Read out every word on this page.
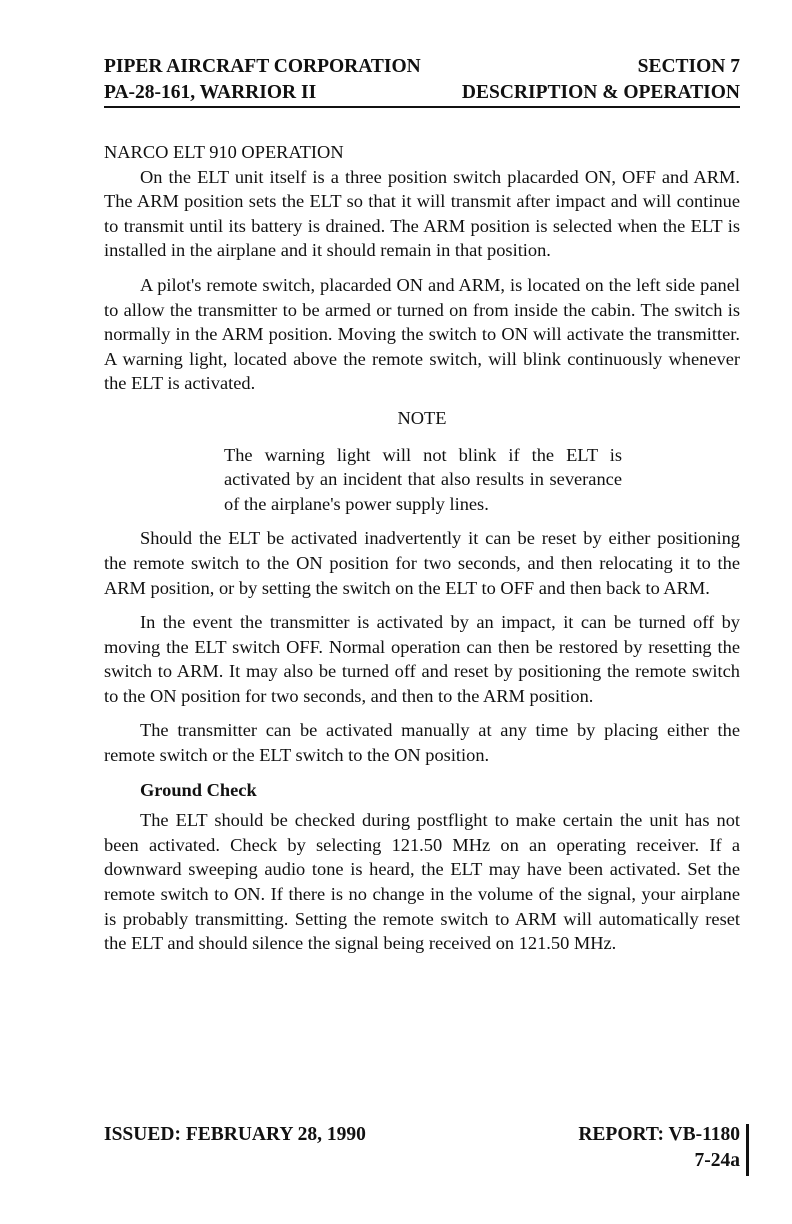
PIPER AIRCRAFT CORPORATION	SECTION 7
PA-28-161, WARRIOR II	DESCRIPTION & OPERATION

NARCO ELT 910 OPERATION

On the ELT unit itself is a three position switch placarded ON, OFF and ARM. The ARM position sets the ELT so that it will transmit after impact and will continue to transmit until its battery is drained. The ARM position is selected when the ELT is installed in the airplane and it should remain in that position.

A pilot's remote switch, placarded ON and ARM, is located on the left side panel to allow the transmitter to be armed or turned on from inside the cabin. The switch is normally in the ARM position. Moving the switch to ON will activate the transmitter. A warning light, located above the remote switch, will blink continuously whenever the ELT is activated.

NOTE

The warning light will not blink if the ELT is activated by an incident that also results in severance of the airplane's power supply lines.

Should the ELT be activated inadvertently it can be reset by either positioning the remote switch to the ON position for two seconds, and then relocating it to the ARM position, or by setting the switch on the ELT to OFF and then back to ARM.

In the event the transmitter is activated by an impact, it can be turned off by moving the ELT switch OFF. Normal operation can then be restored by resetting the switch to ARM. It may also be turned off and reset by positioning the remote switch to the ON position for two seconds, and then to the ARM position.

The transmitter can be activated manually at any time by placing either the remote switch or the ELT switch to the ON position.

Ground Check

The ELT should be checked during postflight to make certain the unit has not been activated. Check by selecting 121.50 MHz on an operating receiver. If a downward sweeping audio tone is heard, the ELT may have been activated. Set the remote switch to ON. If there is no change in the volume of the signal, your airplane is probably transmitting. Setting the remote switch to ARM will automatically reset the ELT and should silence the signal being received on 121.50 MHz.

ISSUED: FEBRUARY 28, 1990	REPORT: VB-1180
7-24a
